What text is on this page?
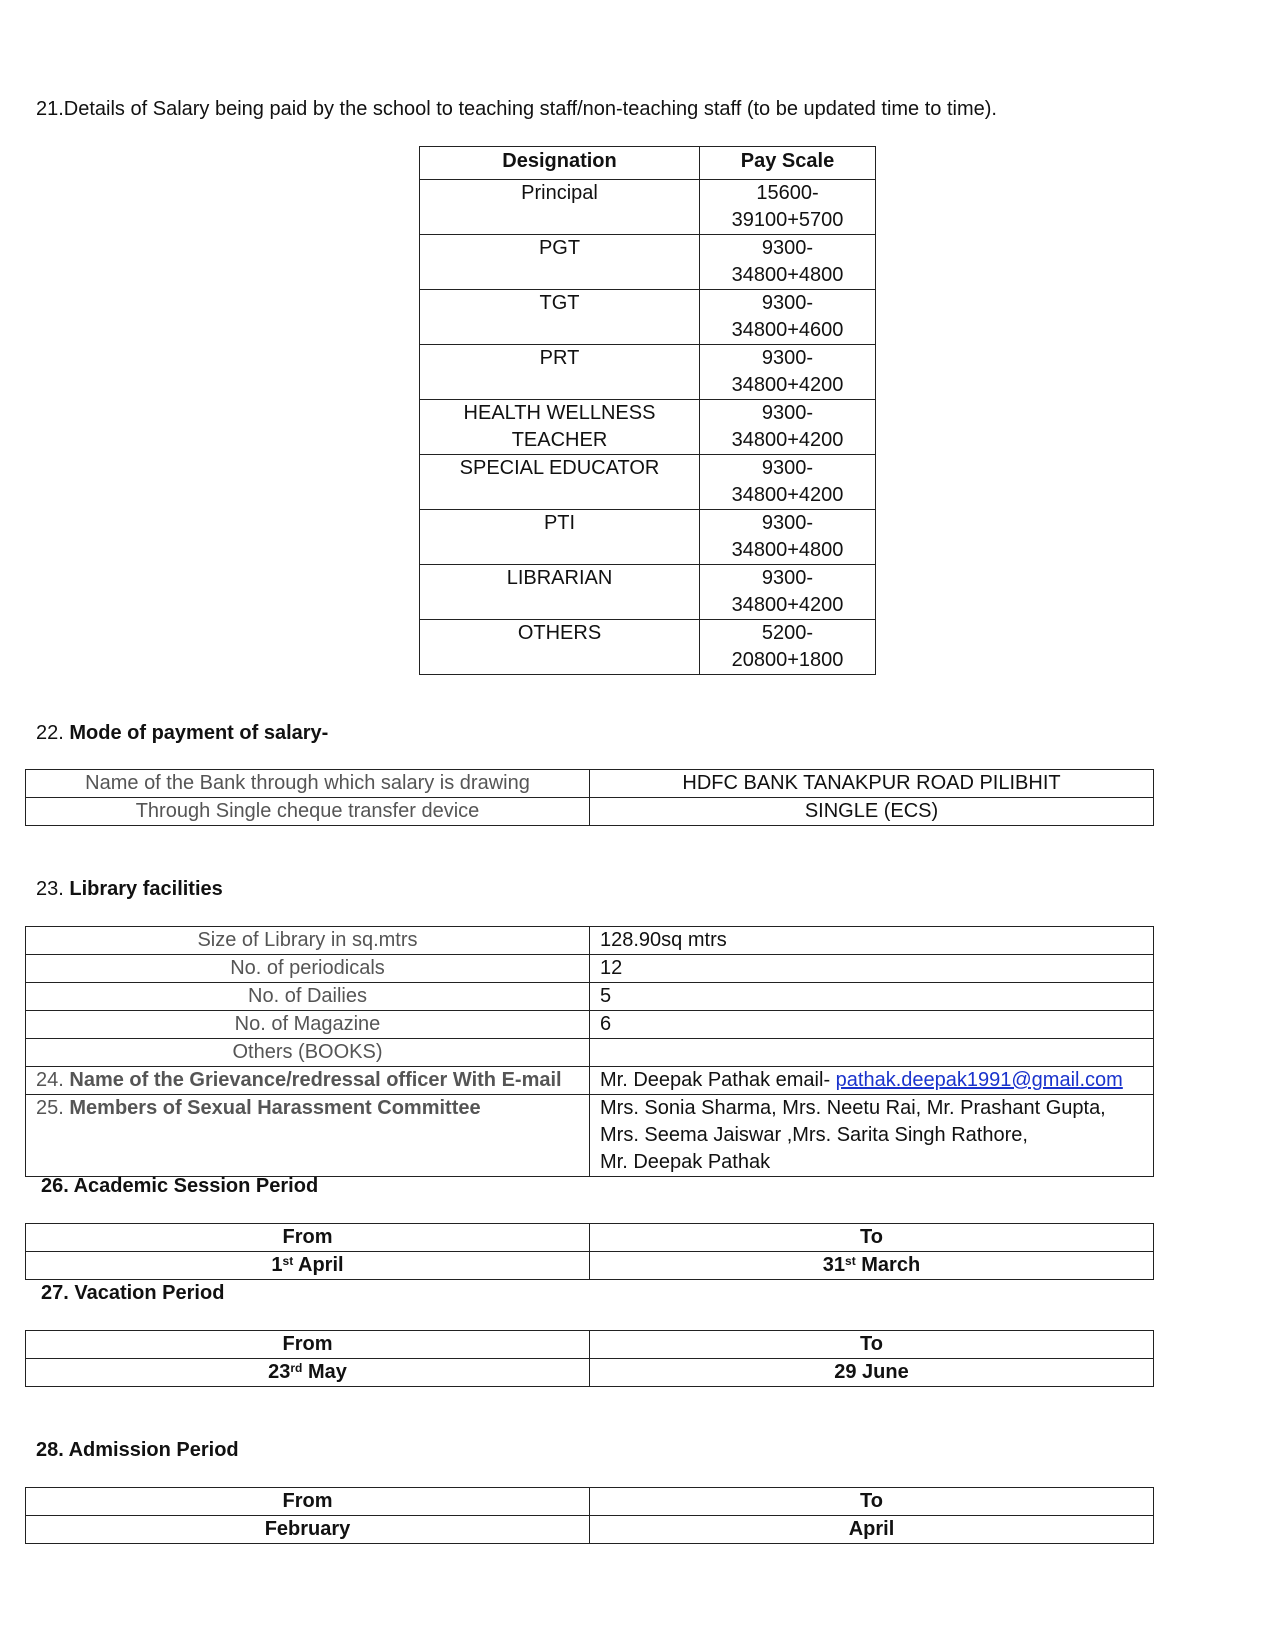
21.Details of Salary being paid by the school to teaching staff/non-teaching staff (to be updated time to time).
Designation	Pay Scale
Principal	15600-
39100+5700
PGT	9300-
34800+4800
TGT	9300-
34800+4600
PRT	9300-
34800+4200
HEALTH WELLNESS TEACHER	9300-
34800+4200
SPECIAL EDUCATOR	9300-
34800+4200
PTI	9300-
34800+4800
LIBRARIAN	9300-
34800+4200
OTHERS	5200-
20800+1800
22. Mode of payment of salary-
Name of the Bank through which salary is drawing	HDFC BANK TANAKPUR ROAD PILIBHIT
Through Single cheque transfer device	SINGLE (ECS)
23. Library facilities
Size of Library in sq.mtrs	128.90sq mtrs
No. of periodicals	12
No. of Dailies	5
No. of Magazine	6
Others (BOOKS)	
24. Name of the Grievance/redressal officer With E-mail	Mr. Deepak Pathak email- pathak.deepak1991@gmail.com
25. Members of Sexual Harassment Committee	Mrs. Sonia Sharma, Mrs. Neetu Rai, Mr. Prashant Gupta,
Mrs. Seema Jaiswar ,Mrs. Sarita Singh Rathore,
Mr. Deepak Pathak
26. Academic Session Period
From	To
1st April	31st March
27. Vacation Period
From	To
23rd May	29 June
28. Admission Period
From	To
February	April
